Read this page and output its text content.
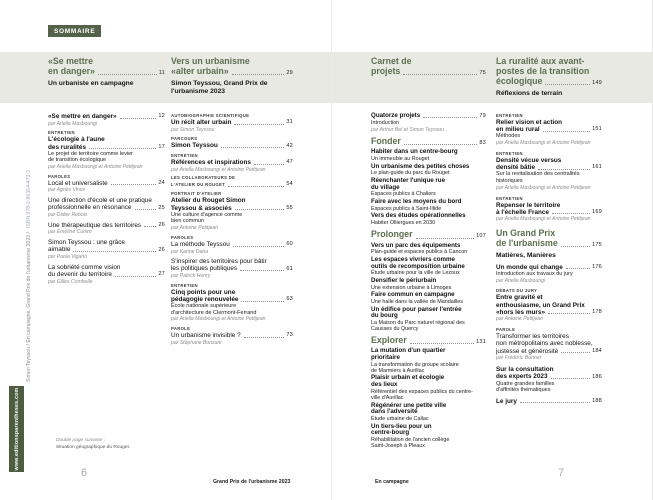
SOMMAIRE
Simon Teyssou / En campagne, Grand Prix de l'urbanisme 2023 /ISBN 978-2-86364-473-2
www.editionsparentheses.com
«Se mettre
en danger»	11
Un urbaniste en campagne
«Se mettre en danger»	12
par Ariella Masboungi
ENTRETIEN
L'écologie à l'aune
des ruralités	17
Le projet de territoire comme levier
de transition écologique
par Ariella Masboungi et Antoine Petitjean
PAROLES
Local et universaliste	24
par Agnès Vince
Une direction d'école et une pratique
professionnelle en résonance	25
par Didier Rebois
Une thérapeutique des territoires	26
par Éméline Curien
Simon Teyssou : une grâce
aimable	26
par Paola Viganò
La sobriété comme vision
du devenir du territoire	27
par Gilles Combelle
Vers un urbanisme
«alter urbain»	29
Simon Teyssou, Grand Prix de l'urbanisme 2023
AUTOBIOGRAPHIE SCIENTIFIQUE
Un récit alter urbain	31
par Simon Teyssou
PARCOURS
Simon Teyssou	42
ENTRETIEN
Références et inspirations	47
par Ariella Masboungi et Antoine Petitjean
LES COLLABORATEURS DE
L'ATELIER DU ROUGET	54
PORTRAIT D'ATELIER
Atelier du Rouget Simon
Teyssou & associés	55
Une culture d'agence comme
bien commun
par Antoine Petitjean
PAROLES
La méthode Teyssou	60
par Karine Dana
S'inspirer des territoires pour bâtir
les politiques publiques	61
par Patrick Henry
ENTRETIEN
Cinq points pour une
pédagogie renouvelée	63
École nationale supérieure
d'architecture de Clermont-Ferrand
par Ariella Masboungi et Antoine Petitjean
PAROLE
Un urbanisme invisible ?	73
par Stéphane Bonzani
Carnet de
projets	75
Quatorze projets	79
Introduction
par Arthur Bel et Simon Teyssou
Fonder	83
Habiter dans un centre-bourg
Un immeuble au Rouget
Un urbanisme des petites choses
Le plan-guide du parc du Rouget
Réenchanter l'unique rue
du village
Espaces publics à Chaliers
Faire avec les moyens du bord
Espaces publics à Saint-Illide
Vers des études opérationnelles
Habiter Olliergues en 2030
Prolonger	107
Vers un parc des équipements
Plan-guide et espaces publics à Cancon
Les espaces vivriers comme
outils de recomposition urbaine
Étude urbaine pour la ville de Lezoux
Densifier le périurbain
Une extension urbaine à Limoges
Faire commun en campagne
Une halle dans la vallée de Mandailles
Un édifice pour panser l'entrée
du bourg
La Maison du Parc naturel régional des
Causses du Quercy
Explorer	131
La mutation d'un quartier
prioritaire
La transformation du groupe scolaire
de Marmiers à Aurillac
Plaisir urbain et écologie
des lieux
Référentiel des espaces publics du centre-
ville d'Aurillac
Régénérer une petite ville
dans l'adversité
Étude urbaine de Callac
Un tiers-lieu pour un
centre-bourg
Réhabilitation de l'ancien collège
Saint-Joseph à Pleaux
La ruralité aux avant-
postes de la transition
écologique	149
Réflexions de terrain
ENTRETIEN
Relier vision et action
en milieu rural	151
Méthodes
par Ariella Masboungi et Antoine Petitjean
ENTRETIEN
Densité vécue versus
densité bâtie	161
Sur la revitalisation des centralités
historiques
par Ariella Masboungi et Antoine Petitjean
ENTRETIEN
Repenser le territoire
à l'échelle France	169
par Ariella Masboungi et Antoine Petitjean
Un Grand Prix
de l'urbanisme	175
Matières, Manières
Un monde qui change	176
Introduction aux travaux du jury
par Ariella Masboungi
DÉBATS DU JURY
Entre gravité et
enthousiasme, un Grand Prix
«hors les murs»	178
par Antoine Petitjean
PAROLE
Transformer les territoires
non métropolitains avec noblesse,
justesse et générosité	184
par Frédéric Bonnet
Sur la consultation
des experts 2023	186
Quatre grandes familles
d'affinités thématiques
Le jury	188
Double page suivante :
Situation géographique du Rouget.
6
Grand Prix de l'urbanisme 2023	En campagne
7
